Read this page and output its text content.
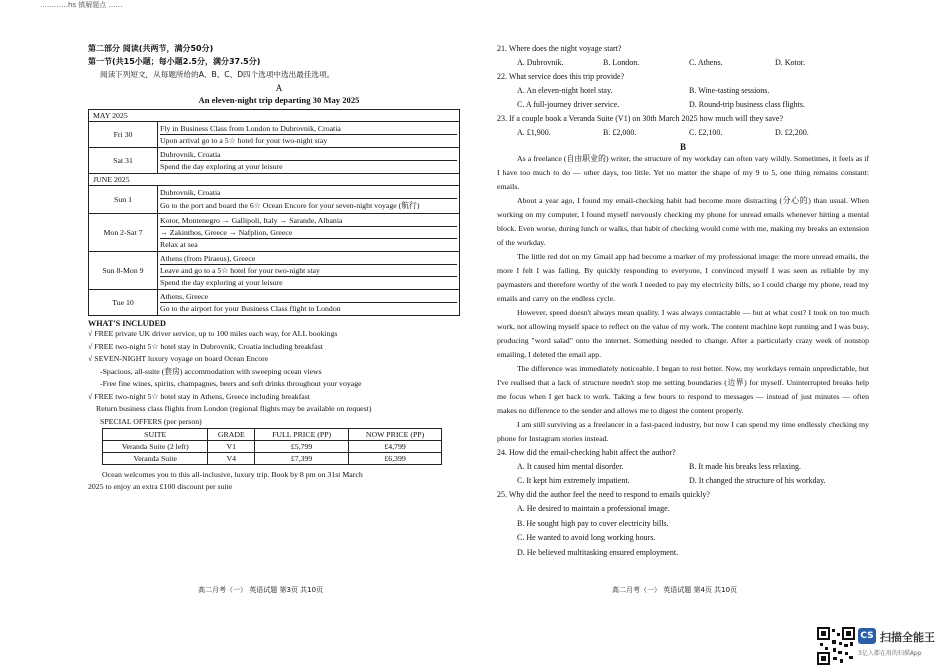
…………hs 镇解题点 ……
第二部分 阅读(共两节，满分50分)
第一节(共15小题；每小题2.5分，满分37.5分)
阅读下列短文，从每题所给的A、B、C、D四个选项中选出最佳选项。
A
An eleven-night trip departing 30 May 2025
MAY 2025	
Fri 30	Fly in Business Class from London to Dubrovnik, Croatia
Upon arrival go to a 5☆ hotel for your two-night stay

Sat 31	Dubrovnik, Croatia
Spend the day exploring at your leisure

JUNE 2025	
Sun 1	Dubrovnik, Croatia
Go to the port and board the 6☆ Ocean Encore for your seven-night voyage (航行)

Mon 2-Sat 7	Kotor, Montenegro → Gallipoli, Italy → Sarande, Albania
→ Zakinthos, Greece → Nafplion, Greece
Relax at sea

Sun 8-Mon 9	Athens (from Piraeus), Greece
Leave and go to a 5☆ hotel for your two-night stay
Spend the day exploring at your leisure

Tue 10	Athens, Greece
Go to the airport for your Business Class flight to London
WHAT'S INCLUDED
√ FREE private UK driver service, up to 100 miles each way, for ALL bookings
√ FREE two-night 5☆ hotel stay in Dubrovnik, Croatia including breakfast
√ SEVEN-NIGHT luxury voyage on board Ocean Encore
-Spacious, all-suite (套房) accommodation with sweeping ocean views
-Free fine wines, spirits, champagnes, beers and soft drinks throughout your voyage
√ FREE two-night 5☆ hotel stay in Athens, Greece including breakfast
Return business class flights from London (regional flights may be available on request)
SPECIAL OFFERS (per person)
SUITE	GRADE	FULL PRICE (PP)	NOW PRICE (PP)
Veranda Suite (2 left)	V1	£5,799	£4,799
Veranda Suite	V4	£7,399	£6,399
Ocean welcomes you to this all-inclusive, luxury trip. Book by 8 pm on 31st March
2025 to enjoy an extra £100 discount per suite
高二月考（一） 英语试题 第3页 共10页
21. Where does the night voyage start?
A. Dubrovnik.	B. London.	C. Athens.	D. Kotor.
22. What service does this trip provide?
A. An eleven-night hotel stay.	B. Wine-tasting sessions.
C. A full-journey driver service.	D. Round-trip business class flights.
23. If a couple book a Veranda Suite (V1) on 30th March 2025 how much will they save?
A. £1,900.	B. £2,000.	C. £2,100.	D. £2,200.
B

As a freelance (自由职业的) writer, the structure of my workday can often vary wildly. Sometimes, it feels as if I have too much to do — other days, too little. Yet no matter the shape of my 9 to 5, one thing remains constant: emails.

About a year ago, I found my email-checking habit had become more distracting (分心的) than usual. When working on my computer, I found myself nervously checking my phone for unread emails whenever hitting a mental block. Even worse, during lunch or walks, that habit of checking would come with me, making my breaks an extension of the workday.

The little red dot on my Gmail app had become a marker of my professional image: the more unread emails, the more I felt I was failing. By quickly responding to everyone, I convinced myself I was seen as reliable by my paymasters and therefore worthy of the work I needed to pay my electricity bills, so I could charge my phone, read my emails and carry on the endless cycle.

However, speed doesn't always mean quality. I was always contactable — but at what cost? I took on too much work, not allowing myself space to reflect on the value of my work. The content machine kept running and I was busy, producing "word salad" onto the internet. Something needed to change. After a particularly crazy week of nonstop emailing, I deleted the email app.

The difference was immediately noticeable. I began to rest better. Now, my workdays remain unpredictable, but I've realised that a lack of structure needn't stop me setting boundaries (边界) for myself. Uninterrupted breaks help me focus when I get back to work. Taking a few hours to respond to messages — instead of just minutes — often makes no difference to the sender and allows me to digest the content properly.

I am still surviving as a freelancer in a fast-paced industry, but now I can spend my time endlessly checking my phone for Instagram stories instead.

24. How did the email-checking habit affect the author?
A. It caused him mental disorder.	B. It made his breaks less relaxing.
C. It kept him extremely impatient.	D. It changed the structure of his workday.
25. Why did the author feel the need to respond to emails quickly?
A. He desired to maintain a professional image.
B. He sought high pay to cover electricity bills.
C. He wanted to avoid long working hours.
D. He believed multitasking ensured employment.
高二月考（一） 英语试题 第4页 共10页
CS 扫描全能王
3亿人都在用的扫描App
